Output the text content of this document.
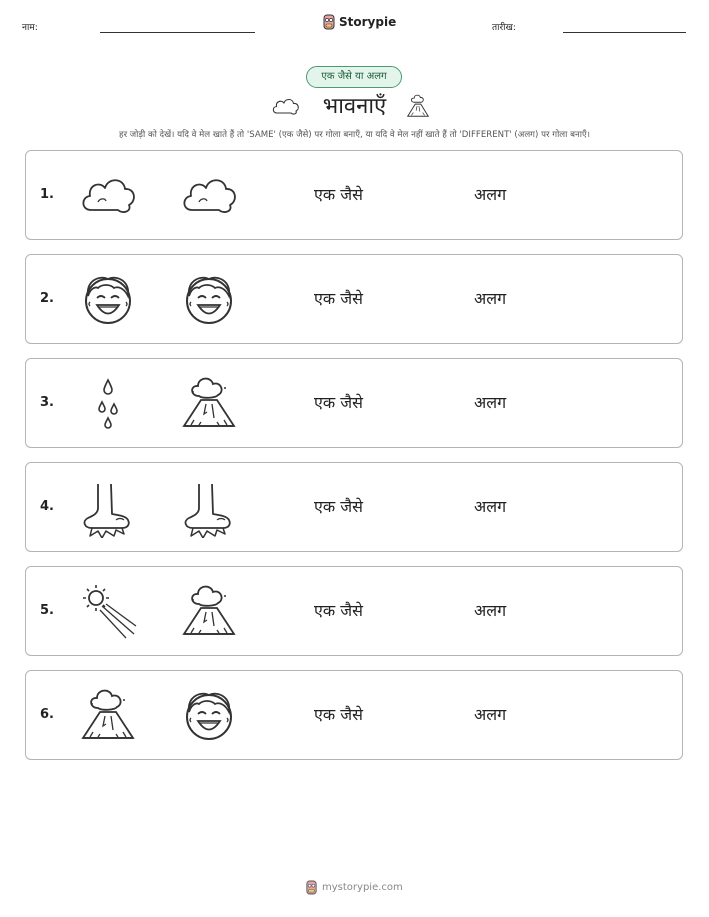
नाम:	Storypie	तारीख:
एक जैसे या अलग
भावनाएँ
हर जोड़ी को देखें। यदि वे मेल खाते हैं तो 'SAME' (एक जैसे) पर गोला बनाएँ, या यदि वे मेल नहीं खाते हैं तो 'DIFFERENT' (अलग) पर गोला बनाएँ।
1.	एक जैसे	अलग
2.	एक जैसे	अलग
3.	एक जैसे	अलग
4.	एक जैसे	अलग
5.	एक जैसे	अलग
6.	एक जैसे	अलग
mystorypie.com
